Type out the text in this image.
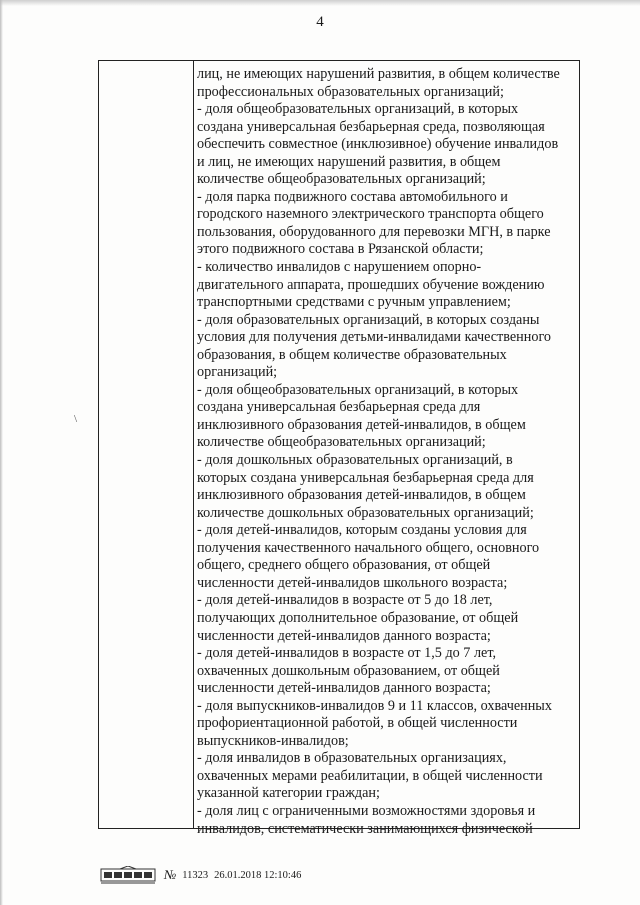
4
\
лиц, не имеющих нарушений развития, в общем количестве
профессиональных образовательных организаций;
- доля общеобразовательных организаций, в которых
создана универсальная безбарьерная среда, позволяющая
обеспечить совместное (инклюзивное) обучение инвалидов
и лиц, не имеющих нарушений развития, в общем
количестве общеобразовательных организаций;
- доля парка подвижного состава автомобильного и
городского наземного электрического транспорта общего
пользования, оборудованного для перевозки МГН, в парке
этого подвижного состава в Рязанской области;
- количество инвалидов с нарушением опорно-
двигательного аппарата, прошедших обучение вождению
транспортными средствами с ручным управлением;
- доля образовательных организаций, в которых созданы
условия для получения детьми-инвалидами качественного
образования, в общем количестве образовательных
организаций;
- доля общеобразовательных организаций, в которых
создана универсальная безбарьерная среда для
инклюзивного образования детей-инвалидов, в общем
количестве общеобразовательных организаций;
- доля дошкольных образовательных организаций, в
которых создана универсальная безбарьерная среда для
инклюзивного образования детей-инвалидов, в общем
количестве дошкольных образовательных организаций;
- доля детей-инвалидов, которым созданы условия для
получения качественного начального общего, основного
общего, среднего общего образования, от общей
численности детей-инвалидов школьного возраста;
- доля детей-инвалидов в возрасте от 5 до 18 лет,
получающих дополнительное образование, от общей
численности детей-инвалидов данного возраста;
- доля детей-инвалидов в возрасте от 1,5 до 7 лет,
охваченных дошкольным образованием, от общей
численности детей-инвалидов данного возраста;
- доля выпускников-инвалидов 9 и 11 классов, охваченных
профориентационной работой, в общей численности
выпускников-инвалидов;
- доля инвалидов в образовательных организациях,
охваченных мерами реабилитации, в общей численности
указанной категории граждан;
- доля лиц с ограниченными возможностями здоровья и
инвалидов, систематически занимающихся физической
№ 11323 26.01.2018 12:10:46
